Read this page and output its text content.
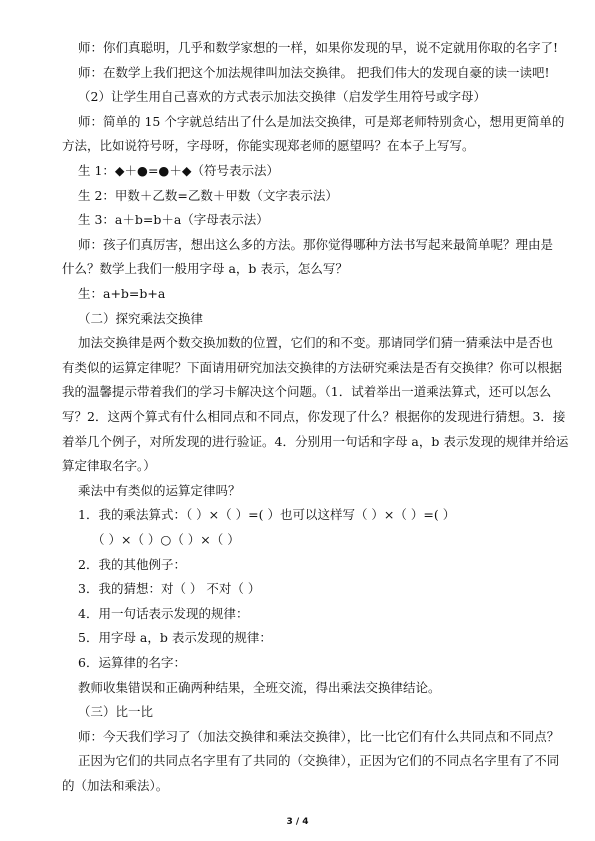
师：你们真聪明，几乎和数学家想的一样，如果你发现的早，说不定就用你取的名字了!
师：在数学上我们把这个加法规律叫加法交换律。 把我们伟大的发现自豪的读一读吧!
（2）让学生用自己喜欢的方式表示加法交换律（启发学生用符号或字母）
师：简单的 15 个字就总结出了什么是加法交换律，可是郑老师特别贪心，想用更简单的
方法，比如说符号呀，字母呀，你能实现郑老师的愿望吗？在本子上写写。
生 1：◆＋●=●＋◆（符号表示法）
生 2：甲数＋乙数=乙数＋甲数（文字表示法）
生 3：a＋b=b＋a（字母表示法）
师：孩子们真厉害，想出这么多的方法。那你觉得哪种方法书写起来最简单呢？理由是
什么？数学上我们一般用字母 a，b 表示，怎么写？
生：a+b=b+a
（二）探究乘法交换律
加法交换律是两个数交换加数的位置，它们的和不变。那请同学们猜一猜乘法中是否也
有类似的运算定律呢？下面请用研究加法交换律的方法研究乘法是否有交换律？你可以根据
我的温馨提示带着我们的学习卡解决这个问题。（1．试着举出一道乘法算式，还可以怎么
写？2．这两个算式有什么相同点和不同点，你发现了什么？根据你的发现进行猜想。3．接
着举几个例子，对所发现的进行验证。4．分别用一句话和字母 a，b 表示发现的规律并给运
算定律取名字。）
乘法中有类似的运算定律吗？
1．我的乘法算式：（ ）×（ ）=( ）也可以这样写（ ）×（ ）=( ）
（ ）×（ ）○（ ）×（ ）
2．我的其他例子：
3．我的猜想：对（ ） 不对（ ）
4．用一句话表示发现的规律：
5．用字母 a，b 表示发现的规律：
6．运算律的名字：
教师收集错误和正确两种结果，全班交流，得出乘法交换律结论。
（三）比一比
师：今天我们学习了（加法交换律和乘法交换律），比一比它们有什么共同点和不同点？
正因为它们的共同点名字里有了共同的（交换律），正因为它们的不同点名字里有了不同
的（加法和乘法）。
3 / 4
